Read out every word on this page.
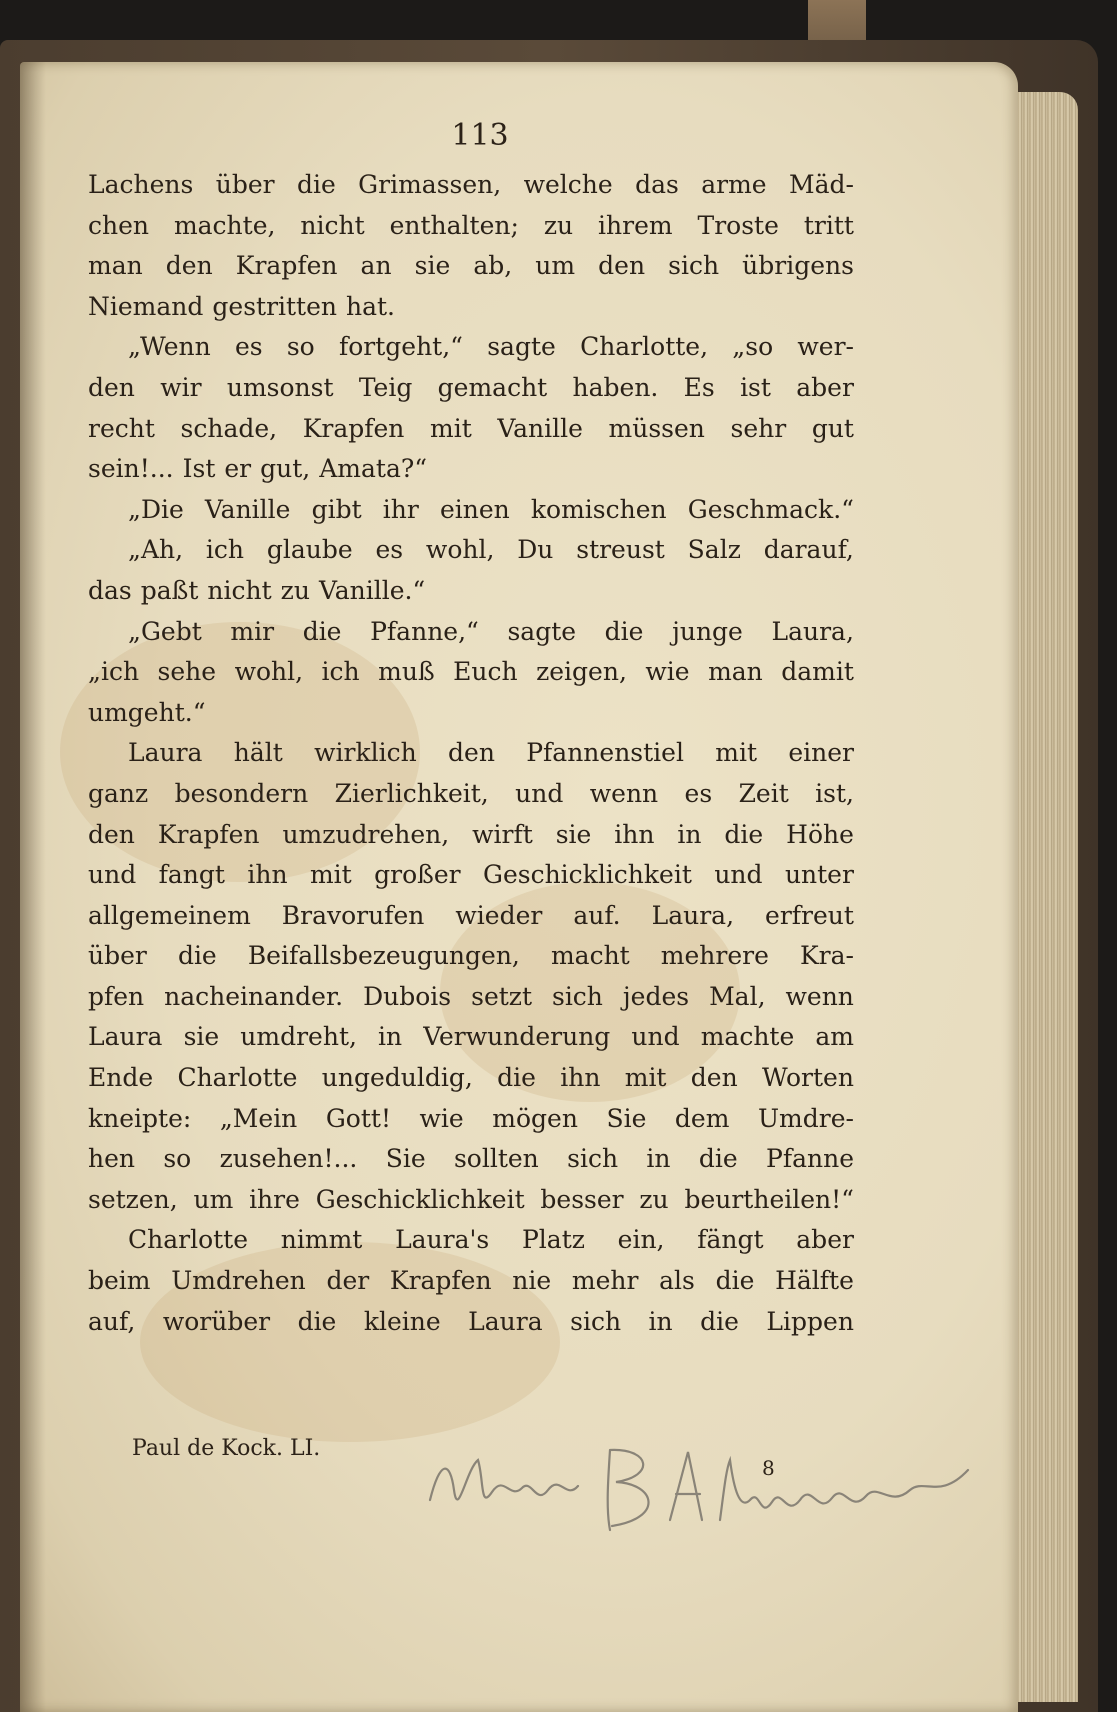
113
Lachens über die Grimassen, welche das arme Mäd-
chen machte, nicht enthalten; zu ihrem Troste tritt
man den Krapfen an sie ab, um den sich übrigens
Niemand gestritten hat.
„Wenn es so fortgeht,“ sagte Charlotte, „so wer-
den wir umsonst Teig gemacht haben. Es ist aber
recht schade, Krapfen mit Vanille müssen sehr gut
sein!... Ist er gut, Amata?“
„Die Vanille gibt ihr einen komischen Geschmack.“
„Ah, ich glaube es wohl, Du streust Salz darauf,
das paßt nicht zu Vanille.“
„Gebt mir die Pfanne,“ sagte die junge Laura,
„ich sehe wohl, ich muß Euch zeigen, wie man damit
umgeht.“
Laura hält wirklich den Pfannenstiel mit einer
ganz besondern Zierlichkeit, und wenn es Zeit ist,
den Krapfen umzudrehen, wirft sie ihn in die Höhe
und fangt ihn mit großer Geschicklichkeit und unter
allgemeinem Bravorufen wieder auf. Laura, erfreut
über die Beifallsbezeugungen, macht mehrere Kra-
pfen nacheinander. Dubois setzt sich jedes Mal, wenn
Laura sie umdreht, in Verwunderung und machte am
Ende Charlotte ungeduldig, die ihn mit den Worten
kneipte: „Mein Gott! wie mögen Sie dem Umdre-
hen so zusehen!... Sie sollten sich in die Pfanne
setzen, um ihre Geschicklichkeit besser zu beurtheilen!“
Charlotte nimmt Laura's Platz ein, fängt aber
beim Umdrehen der Krapfen nie mehr als die Hälfte
auf, worüber die kleine Laura sich in die Lippen
Paul de Kock. LI.
8
